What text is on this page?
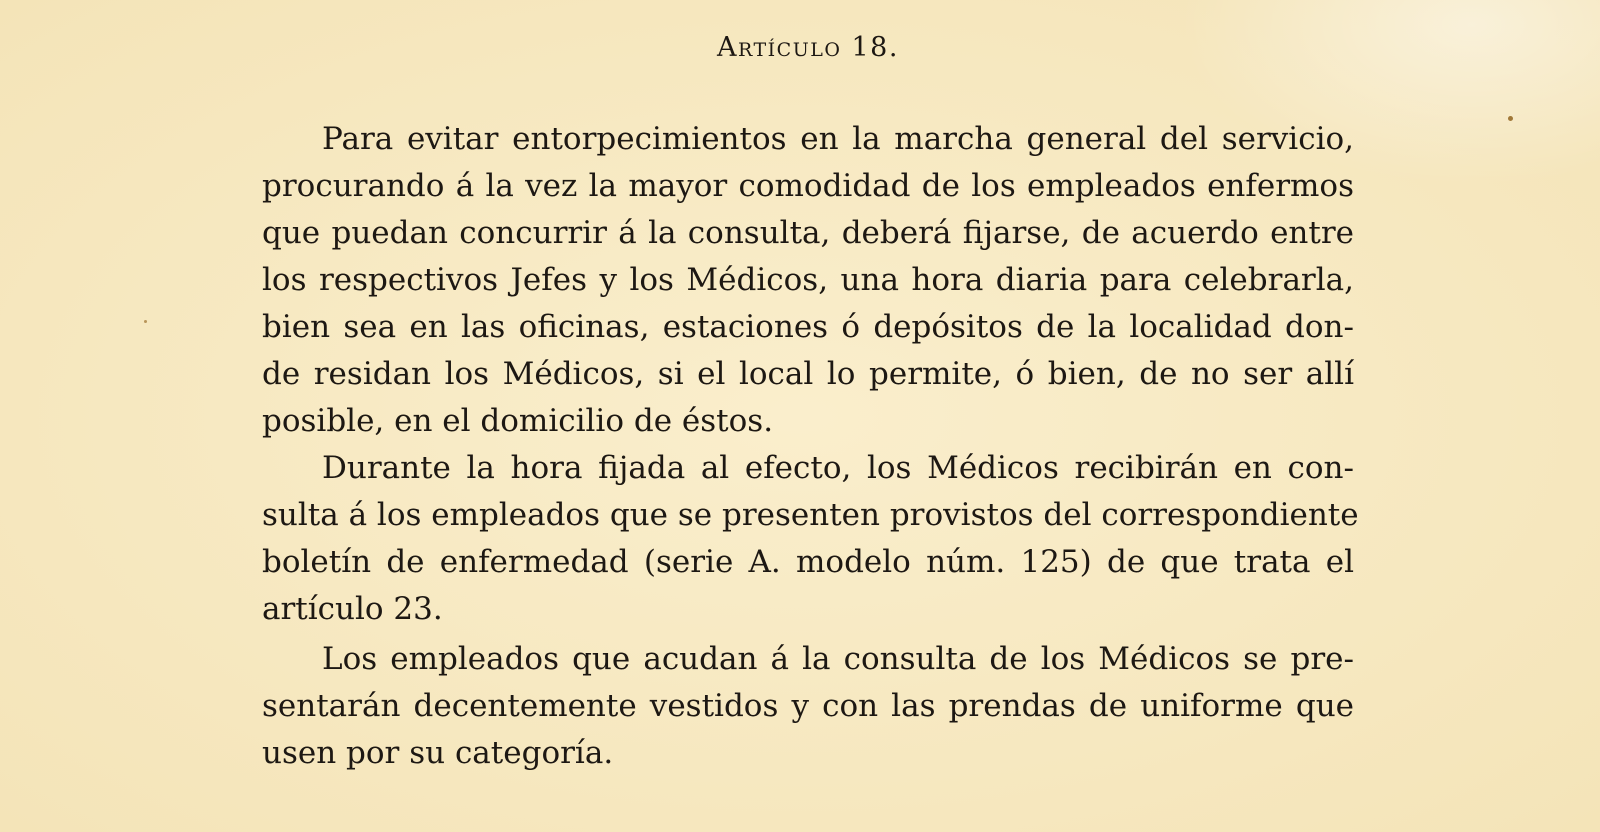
Artículo 18.

Para evitar entorpecimientos en la marcha general del servicio,
procurando á la vez la mayor comodidad de los empleados enfermos
que puedan concurrir á la consulta, deberá fijarse, de acuerdo entre
los respectivos Jefes y los Médicos, una hora diaria para celebrarla,
bien sea en las oficinas, estaciones ó depósitos de la localidad don-
de residan los Médicos, si el local lo permite, ó bien, de no ser allí
posible, en el domicilio de éstos.

Durante la hora fijada al efecto, los Médicos recibirán en con-
sulta á los empleados que se presenten provistos del correspondiente
boletín de enfermedad (serie A. modelo núm. 125) de que trata el
artículo 23.

Los empleados que acudan á la consulta de los Médicos se pre-
sentarán decentemente vestidos y con las prendas de uniforme que
usen por su categoría.
